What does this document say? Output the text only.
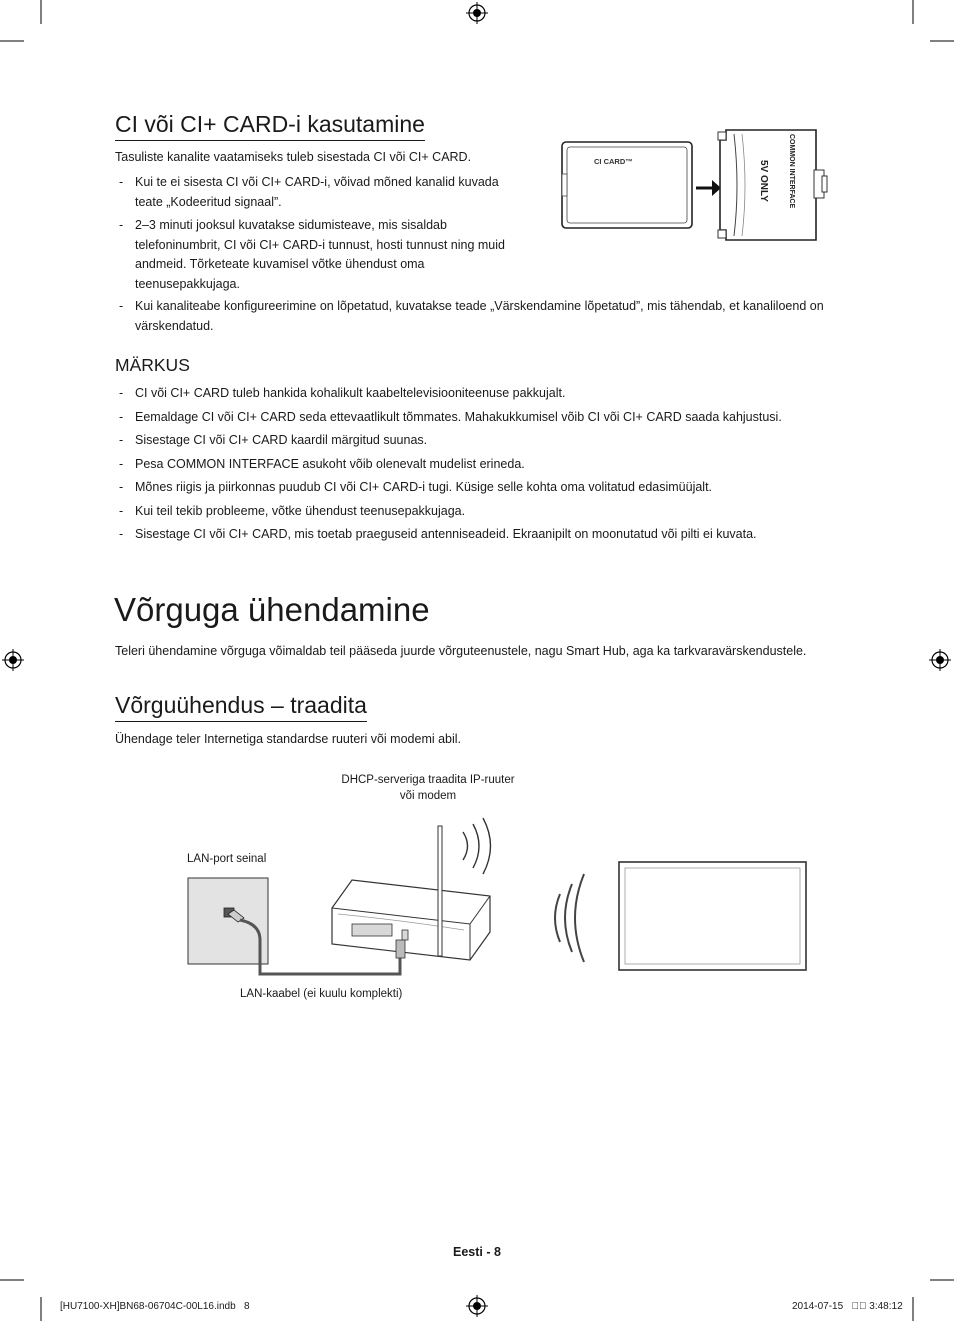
CI või CI+ CARD-i kasutamine

Tasuliste kanalite vaatamiseks tuleb sisestada CI või CI+ CARD.

- Kui te ei sisesta CI või CI+ CARD-i, võivad mõned kanalid kuvada teate „Kodeeritud signaal”.
- 2–3 minuti jooksul kuvatakse sidumisteave, mis sisaldab telefoninumbrit, CI või CI+ CARD-i tunnust, hosti tunnust ning muid andmeid. Tõrketeate kuvamisel võtke ühendust oma teenusepakkujaga.
- Kui kanaliteabe konfigureerimine on lõpetatud, kuvatakse teade „Värskendamine lõpetatud”, mis tähendab, et kanaliloend on värskendatud.
CI CARD™	COMMON INTERFACE
5V ONLY
MÄRKUS
- CI või CI+ CARD tuleb hankida kohalikult kaabeltelevisiooniteenuse pakkujalt.
- Eemaldage CI või CI+ CARD seda ettevaatlikult tõmmates. Mahakukkumisel võib CI või CI+ CARD saada kahjustusi.
- Sisestage CI või CI+ CARD kaardil märgitud suunas.
- Pesa COMMON INTERFACE asukoht võib olenevalt mudelist erineda.
- Mõnes riigis ja piirkonnas puudub CI või CI+ CARD-i tugi. Küsige selle kohta oma volitatud edasimüüjalt.
- Kui teil tekib probleeme, võtke ühendust teenusepakkujaga.
- Sisestage CI või CI+ CARD, mis toetab praeguseid antenniseadeid. Ekraanipilt on moonutatud või pilti ei kuvata.
Võrguga ühendamine

Teleri ühendamine võrguga võimaldab teil pääseda juurde võrguteenustele, nagu Smart Hub, aga ka tarkvaravärskendustele.

Võrguühendus – traadita

Ühendage teler Internetiga standardse ruuteri või modemi abil.

DHCP-serveriga traadita IP-ruuter
või modem
LAN-port seinal
LAN-kaabel (ei kuulu komplekti)
Eesti - 8
[HU7100-XH]BN68-06704C-00L16.indb   8	2014-07-15   ￿￿ 3:48:12
